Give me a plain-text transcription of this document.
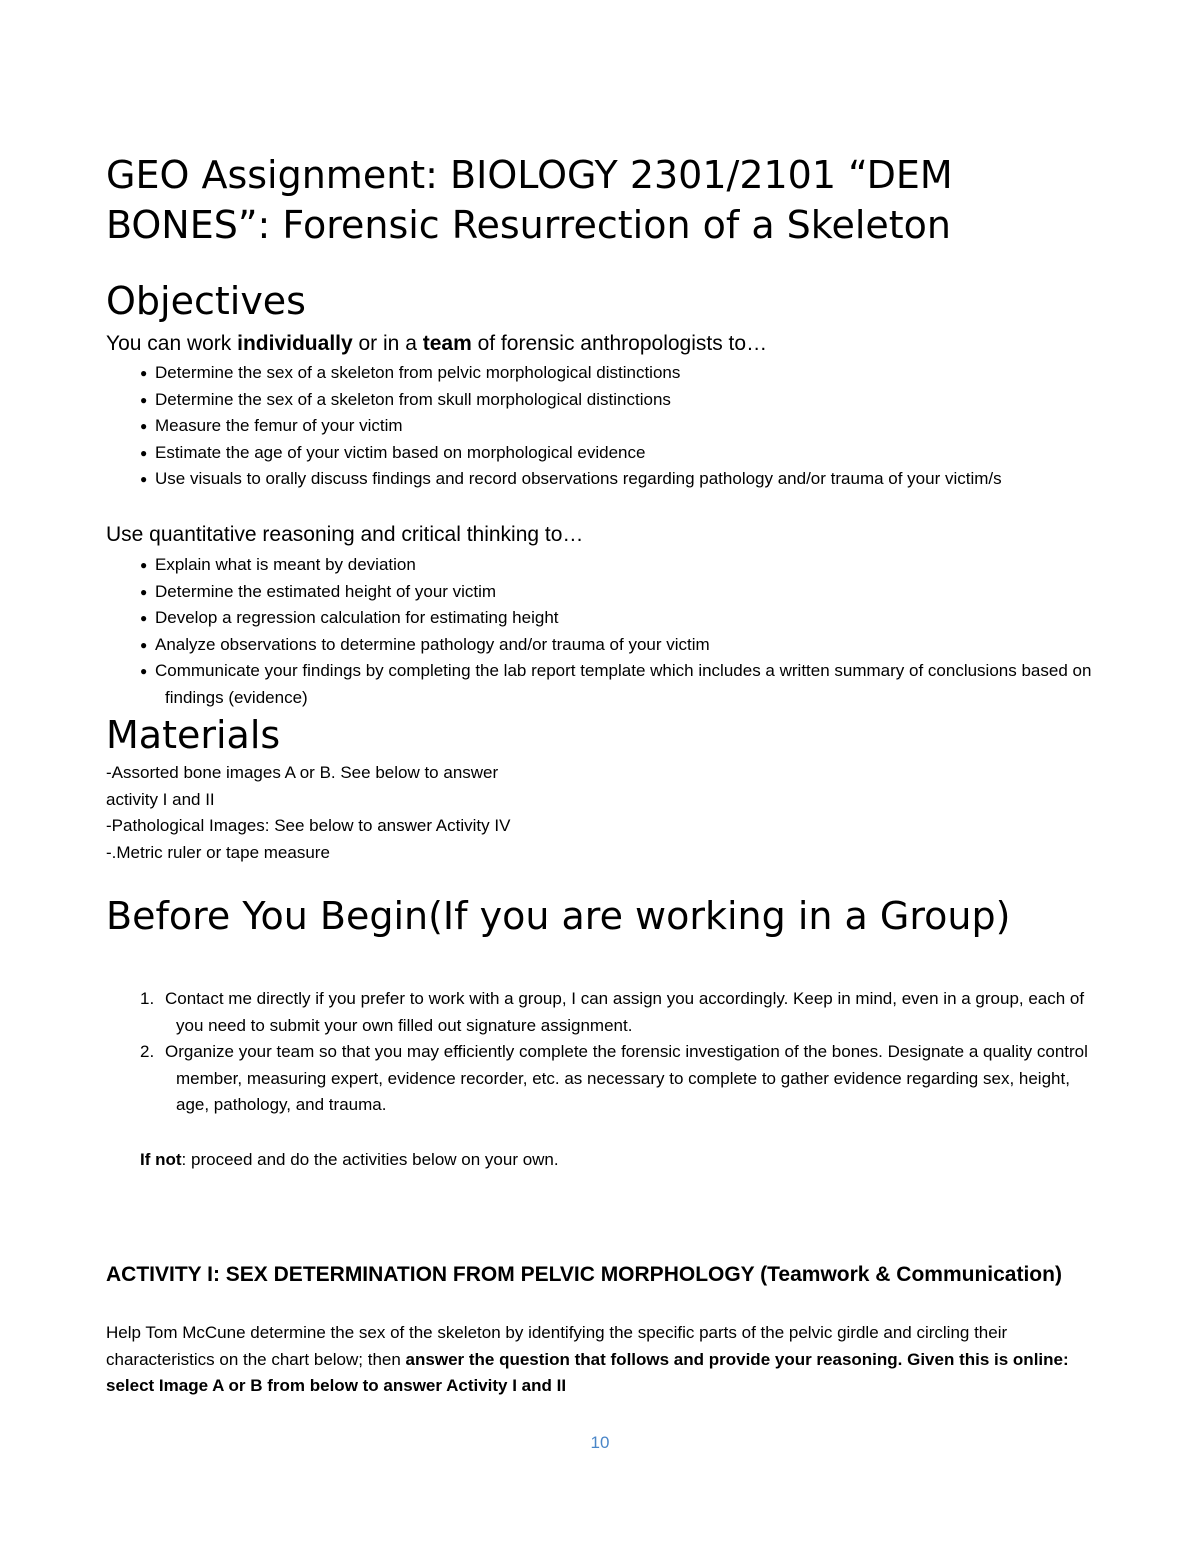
GEO Assignment: BIOLOGY 2301/2101 “DEM BONES”: Forensic Resurrection of a Skeleton
Objectives

You can work individually or in a team of forensic anthropologists to…

● Determine the sex of a skeleton from pelvic morphological distinctions
● Determine the sex of a skeleton from skull morphological distinctions
● Measure the femur of your victim
● Estimate the age of your victim based on morphological evidence
● Use visuals to orally discuss findings and record observations regarding pathology and/or trauma of your victim/s

Use quantitative reasoning and critical thinking to…

● Explain what is meant by deviation
● Determine the estimated height of your victim
● Develop a regression calculation for estimating height
● Analyze observations to determine pathology and/or trauma of your victim
● Communicate your findings by completing the lab report template which includes a written summary of conclusions based on findings (evidence)
Materials
-Assorted bone images A or B. See below to answer
activity I and II
-Pathological Images: See below to answer Activity IV
-.Metric ruler or tape measure
Before You Begin(If you are working in a Group)
1. Contact me directly if you prefer to work with a group, I can assign you accordingly. Keep in mind, even in a group, each of you need to submit your own filled out signature assignment.
2. Organize your team so that you may efficiently complete the forensic investigation of the bones. Designate a quality control member, measuring expert, evidence recorder, etc. as necessary to complete to gather evidence regarding sex, height, age, pathology, and trauma.
If not: proceed and do the activities below on your own.
ACTIVITY I: SEX DETERMINATION FROM PELVIC MORPHOLOGY (Teamwork & Communication)

Help Tom McCune determine the sex of the skeleton by identifying the specific parts of the pelvic girdle and circling their characteristics on the chart below; then answer the question that follows and provide your reasoning. Given this is online: select Image A or B from below to answer Activity I and II

10
